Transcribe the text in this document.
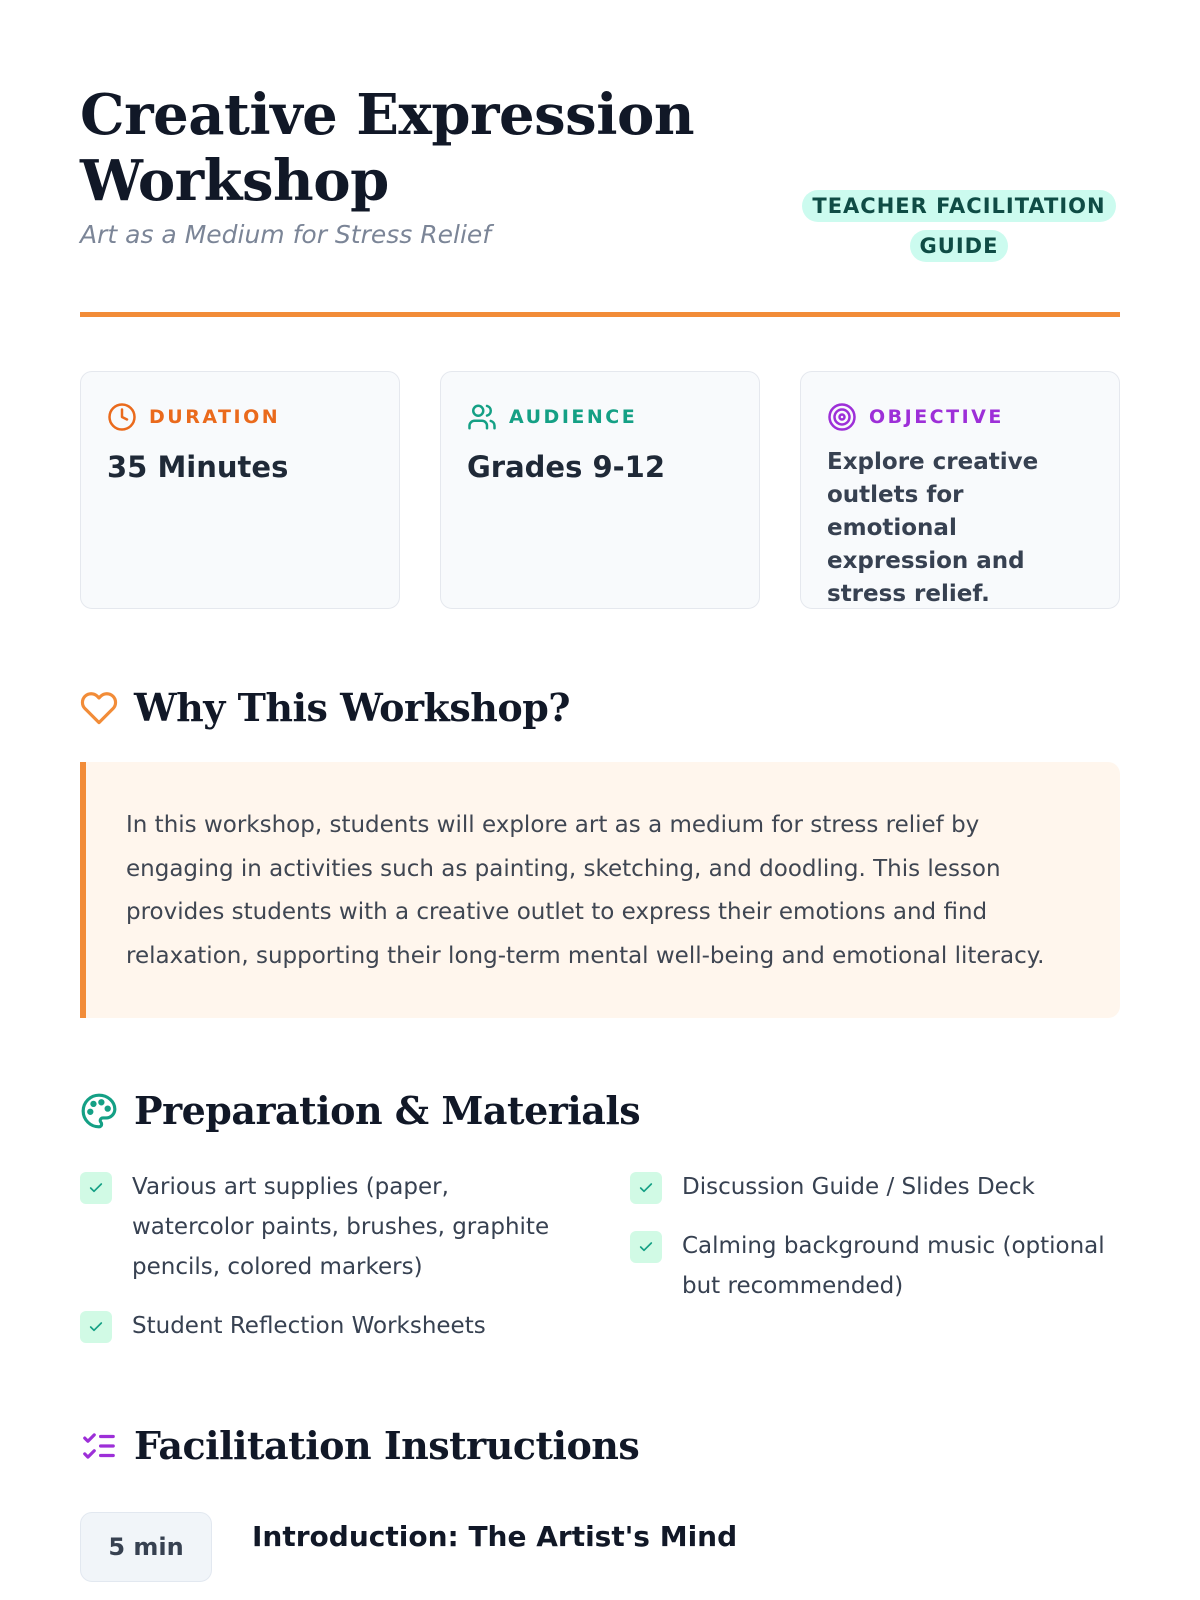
Creative Expression Workshop
Art as a Medium for Stress Relief
TEACHER FACILITATION GUIDE
DURATION
35 Minutes
AUDIENCE
Grades 9-12
OBJECTIVE
Explore creative outlets for emotional expression and stress relief.
Why This Workshop?

In this workshop, students will explore art as a medium for stress relief by engaging in activities such as painting, sketching, and doodling. This lesson provides students with a creative outlet to express their emotions and find relaxation, supporting their long-term mental well-being and emotional literacy.

Preparation & Materials
Various art supplies (paper, watercolor paints, brushes, graphite pencils, colored markers)
Student Reflection Worksheets
Discussion Guide / Slides Deck
Calming background music (optional but recommended)
Facilitation Instructions
5 min	Introduction: The Artist's Mind
